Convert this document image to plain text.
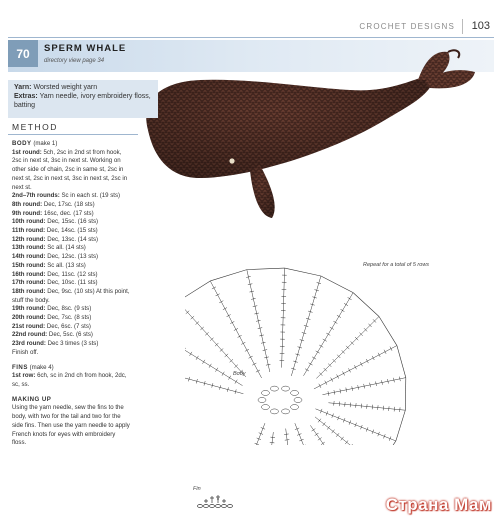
CROCHET DESIGNS 103
70	SPERM WHALE
directory view page 34
Yarn: Worsted weight yarn
Extras: Yarn needle, ivory embroidery floss, batting
METHOD

BODY (make 1)

1st round: 5ch, 2sc in 2nd st from hook, 2sc in next st, 3sc in next st. Working on other side of chain, 2sc in same st, 2sc in next st, 2sc in next st, 3sc in next st, 2sc in next st.

2nd–7th rounds: Sc in each st. (19 sts)

8th round: Dec, 17sc. (18 sts)

9th round: 16sc, dec. (17 sts)

10th round: Dec, 15sc. (16 sts)

11th round: Dec, 14sc. (15 sts)

12th round: Dec, 13sc. (14 sts)

13th round: Sc all. (14 sts)

14th round: Dec, 12sc. (13 sts)

15th round: Sc all. (13 sts)

16th round: Dec, 11sc. (12 sts)

17th round: Dec, 10sc. (11 sts)

18th round: Dec, 9sc. (10 sts) At this point, stuff the body.

19th round: Dec, 8sc. (9 sts)

20th round: Dec, 7sc. (8 sts)

21st round: Dec, 6sc. (7 sts)

22nd round: Dec, 5sc. (6 sts)

23rd round: Dec 3 times (3 sts)

Finish off.

FINS (make 4)

1st row: 6ch, sc in 2nd ch from hook, 2dc, sc, ss.

MAKING UP

Using the yarn needle, sew the fins to the body, with two for the tail and two for the side fins. Then use the yarn needle to apply French knots for eyes with embroidery floss.

Repeat for a total of 5 rows
Body
Fin
Страна Мам
